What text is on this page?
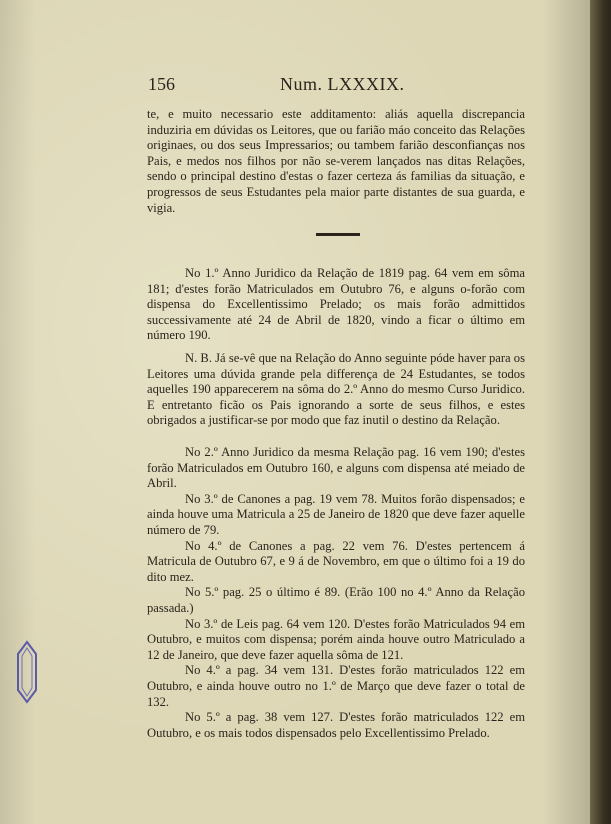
156	Num. LXXXIX.

te, e muito necessario este additamento: aliás aquella discrepancia induziria em dúvidas os Leitores, que ou farião máo conceito das Relações originaes, ou dos seus Impressarios; ou tambem farião desconfianças nos Pais, e medos nos filhos por não se-verem lançados nas ditas Relações, sendo o principal destino d'estas o fazer certeza ás familias da situação, e progressos de seus Estudantes pela maior parte distantes de sua guarda, e vigia.

No 1.º Anno Juridico da Relação de 1819 pag. 64 vem em sôma 181; d'estes forão Matriculados em Outubro 76, e alguns o-forão com dispensa do Excellentissimo Prelado; os mais forão admittidos successivamente até 24 de Abril de 1820, vindo a ficar o último em número 190.

N. B. Já se-vê que na Relação do Anno seguinte póde haver para os Leitores uma dúvida grande pela differença de 24 Estudantes, se todos aquelles 190 apparecerem na sôma do 2.º Anno do mesmo Curso Juridico. E entretanto ficão os Pais ignorando a sorte de seus filhos, e estes obrigados a justificar-se por modo que faz inutil o destino da Relação.

No 2.º Anno Juridico da mesma Relação pag. 16 vem 190; d'estes forão Matriculados em Outubro 160, e alguns com dispensa até meiado de Abril.

No 3.º de Canones a pag. 19 vem 78. Muitos forão dispensados; e ainda houve uma Matricula a 25 de Janeiro de 1820 que deve fazer aquelle número de 79.

No 4.º de Canones a pag. 22 vem 76. D'estes pertencem á Matricula de Outubro 67, e 9 á de Novembro, em que o último foi a 19 do dito mez.

No 5.º pag. 25 o último é 89. (Erão 100 no 4.º Anno da Relação passada.)

No 3.º de Leis pag. 64 vem 120. D'estes forão Matriculados 94 em Outubro, e muitos com dispensa; porém ainda houve outro Matriculado a 12 de Janeiro, que deve fazer aquella sôma de 121.

No 4.º a pag. 34 vem 131. D'estes forão matriculados 122 em Outubro, e ainda houve outro no 1.º de Março que deve fazer o total de 132.

No 5.º a pag. 38 vem 127. D'estes forão matriculados 122 em Outubro, e os mais todos dispensados pelo Excellentissimo Prelado.
